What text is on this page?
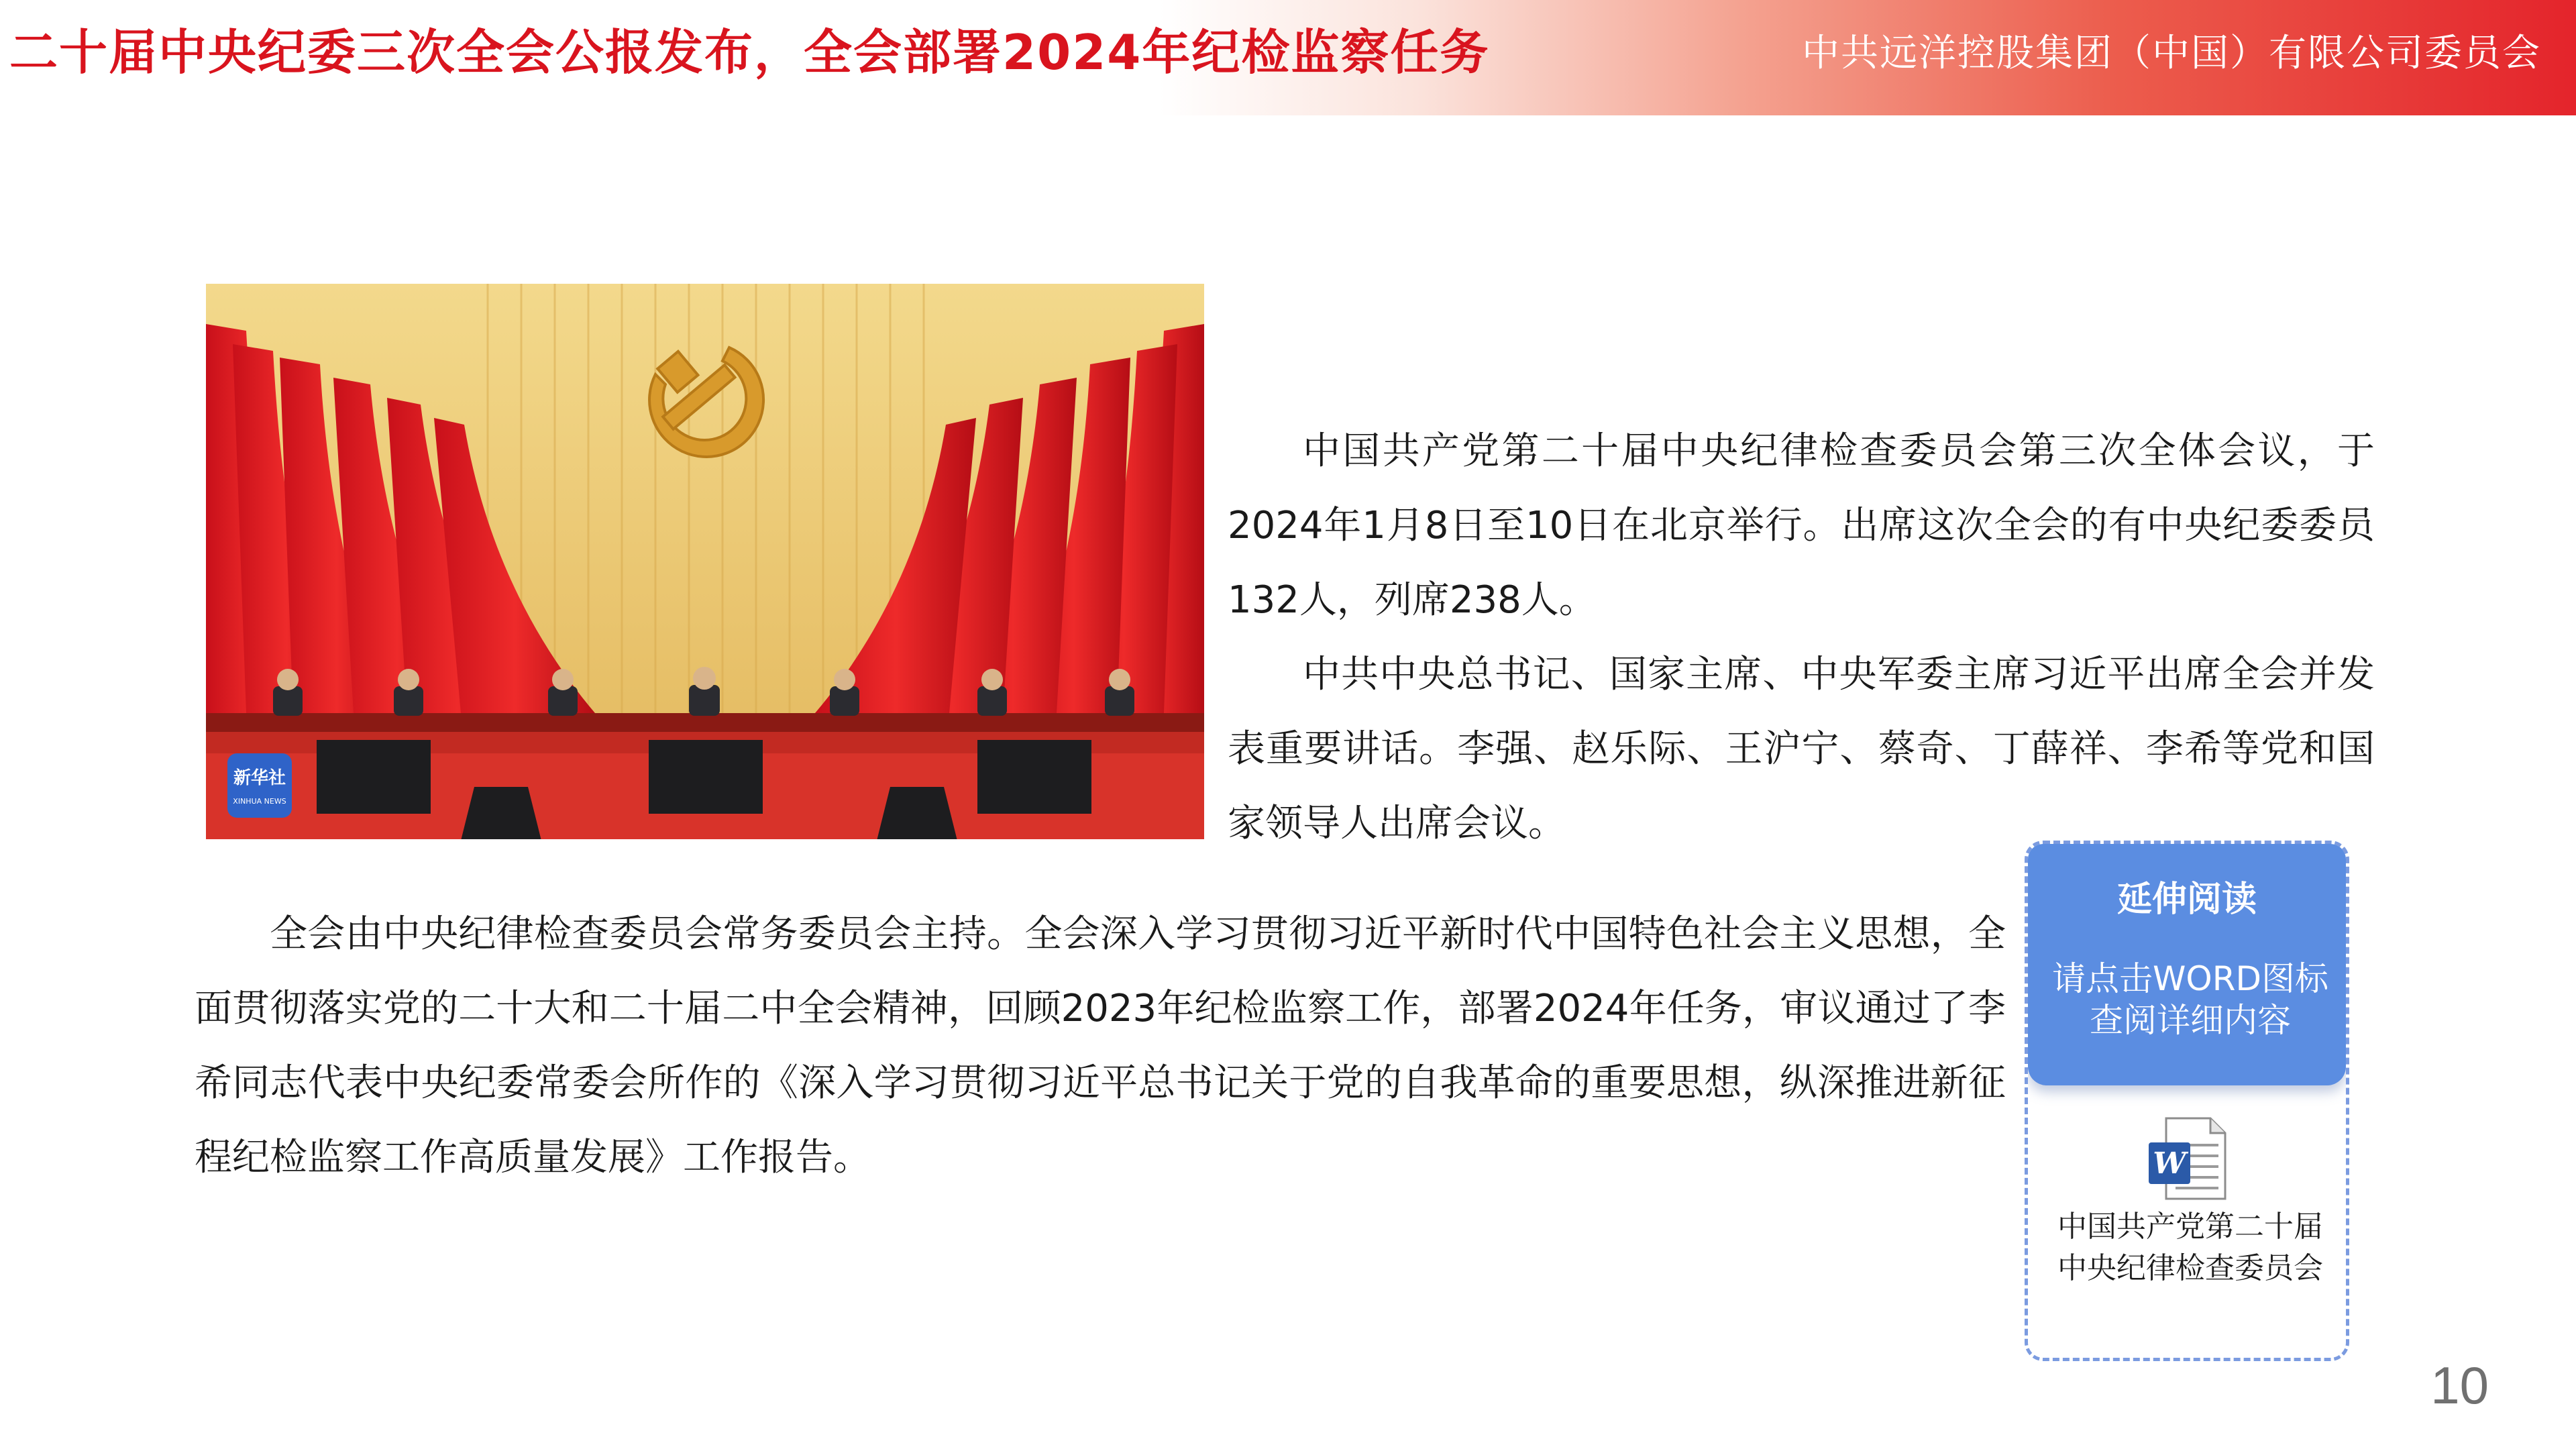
二十届中央纪委三次全会公报发布，全会部署2024年纪检监察任务	中共远洋控股集团（中国）有限公司委员会
新华社
XINHUA NEWS

中国共产党第二十届中央纪律检查委员会第三次全体会议，于2024年1月8日至10日在北京举行。出席这次全会的有中央纪委委员132人，列席238人。

中共中央总书记、国家主席、中央军委主席习近平出席全会并发表重要讲话。李强、赵乐际、王沪宁、蔡奇、丁薛祥、李希等党和国家领导人出席会议。

全会由中央纪律检查委员会常务委员会主持。全会深入学习贯彻习近平新时代中国特色社会主义思想，全面贯彻落实党的二十大和二十届二中全会精神，回顾2023年纪检监察工作，部署2024年任务，审议通过了李希同志代表中央纪委常委会所作的《深入学习贯彻习近平总书记关于党的自我革命的重要思想，纵深推进新征程纪检监察工作高质量发展》工作报告。

延伸阅读
请点击WORD图标查阅详细内容
W
中国共产党第二十届中央纪律检查委员会
10
